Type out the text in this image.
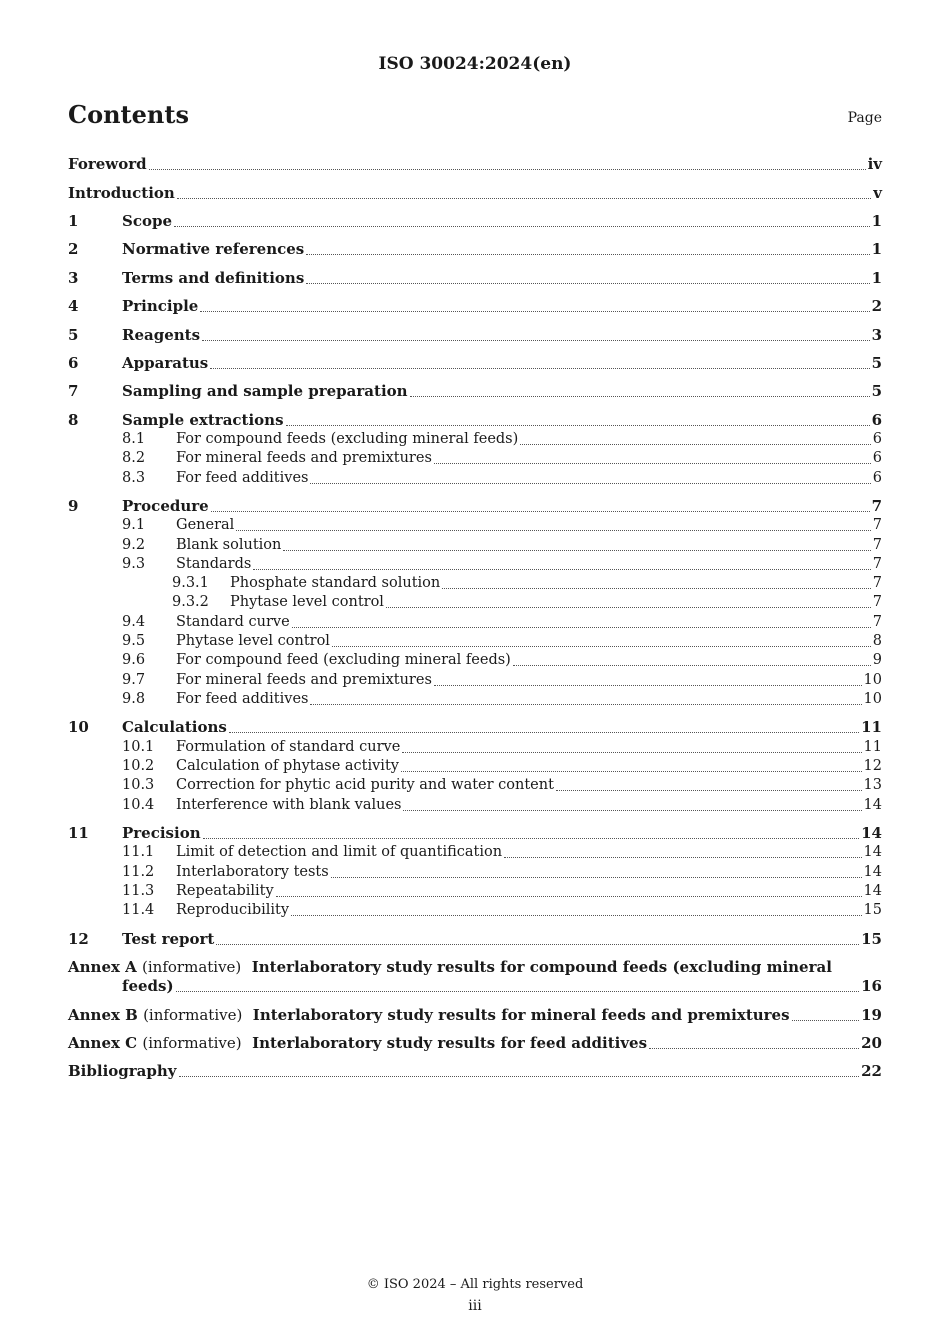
ISO 30024:2024(en)
Contents	Page
Foreword	iv
Introduction	v
1	Scope	1
2	Normative references	1
3	Terms and definitions	1
4	Principle	2
5	Reagents	3
6	Apparatus	5
7	Sampling and sample preparation	5
8	Sample extractions	6
8.1	For compound feeds (excluding mineral feeds)	6
8.2	For mineral feeds and premixtures	6
8.3	For feed additives	6
9	Procedure	7
9.1	General	7
9.2	Blank solution	7
9.3	Standards	7
9.3.1	Phosphate standard solution	7
9.3.2	Phytase level control	7
9.4	Standard curve	7
9.5	Phytase level control	8
9.6	For compound feed (excluding mineral feeds)	9
9.7	For mineral feeds and premixtures	10
9.8	For feed additives	10
10	Calculations	11
10.1	Formulation of standard curve	11
10.2	Calculation of phytase activity	12
10.3	Correction for phytic acid purity and water content	13
10.4	Interference with blank values	14
11	Precision	14
11.1	Limit of detection and limit of quantification	14
11.2	Interlaboratory tests	14
11.3	Repeatability	14
11.4	Reproducibility	15
12	Test report	15
Annex A (informative) Interlaboratory study results for compound feeds (excluding mineral
feeds)	16
Annex B (informative) Interlaboratory study results for mineral feeds and premixtures	19
Annex C (informative) Interlaboratory study results for feed additives	20
Bibliography	22
© ISO 2024 – All rights reserved
iii
